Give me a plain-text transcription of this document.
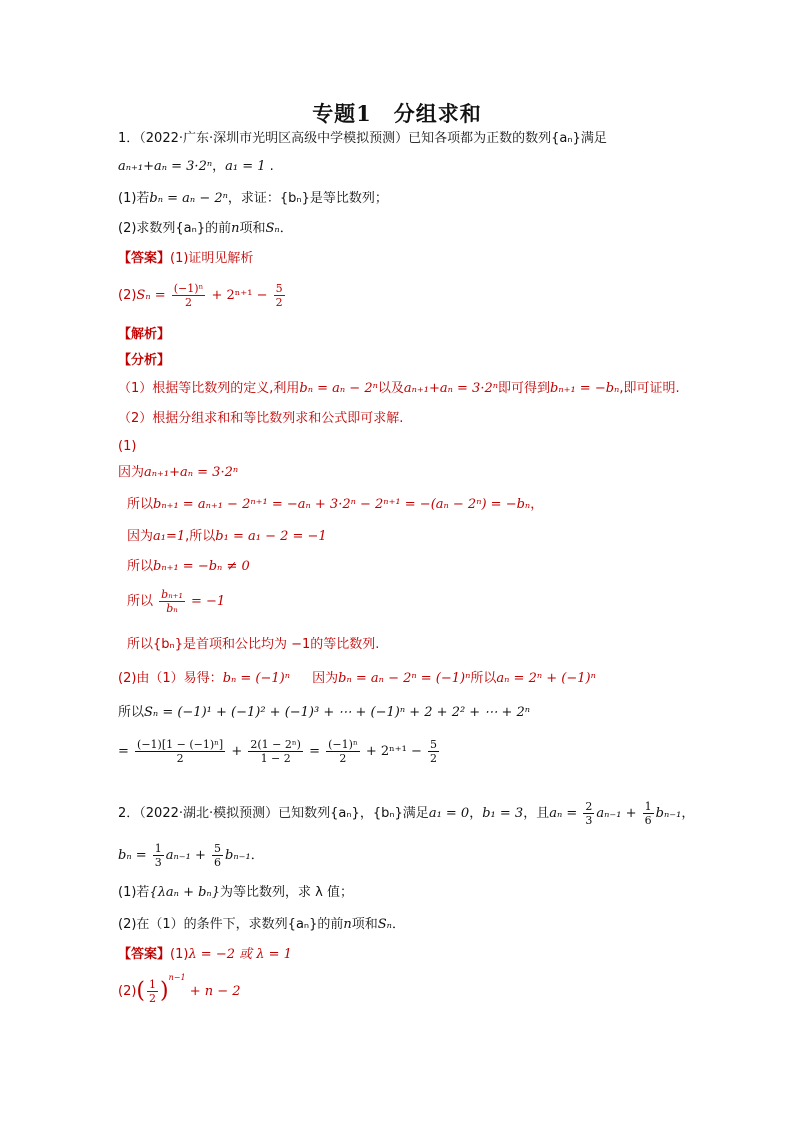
专题1　分组求和
1．（2022·广东·深圳市光明区高级中学模拟预测）已知各项都为正数的数列{aₙ}满足
aₙ₊₁+aₙ = 3·2ⁿ，a₁ = 1 .
(1)若bₙ = aₙ − 2ⁿ，求证：{bₙ}是等比数列；
(2)求数列{aₙ}的前n项和Sₙ．
【答案】(1)证明见解析
$(2)S_n = \frac{\text{(−1)ⁿ}}{2} + 2^{n+1} - \frac{5}{2}$
【解析】
【分析】
（1）根据等比数列的定义,利用bₙ = aₙ − 2ⁿ以及aₙ₊₁+aₙ = 3·2ⁿ即可得到bₙ₊₁ = −bₙ,即可证明.
（2）根据分组求和和等比数列求和公式即可求解.
(1)
因为aₙ₊₁+aₙ = 3·2ⁿ
所以bₙ₊₁ = aₙ₊₁ − 2ⁿ⁺¹ = −aₙ + 3·2ⁿ − 2ⁿ⁺¹ = −(aₙ − 2ⁿ) = −bₙ，
因为a₁=1,所以b₁ = a₁ − 2 = −1
所以bₙ₊₁ = −bₙ ≠ 0
所以 $\frac{\text{bₙ₊₁}}{\text{bₙ}} = -1$
所以{bₙ}是首项和公比均为 −1的等比数列.
(2)由（1）易得：bₙ = (−1)ⁿ 因为bₙ = aₙ − 2ⁿ = (−1)ⁿ所以aₙ = 2ⁿ + (−1)ⁿ
所以Sₙ = (−1)¹ + (−1)² + (−1)³ + ⋯ + (−1)ⁿ + 2 + 2² + ⋯ + 2ⁿ
= $\frac{\text{(−1)[1 − (−1)ⁿ]}}{2} + \frac{\text{2(1 − 2ⁿ)}}{1 - 2} = \frac{\text{(−1)ⁿ}}{2} + 2^{n+1} - \frac{5}{2}$
2．（2022·湖北·模拟预测）已知数列{aₙ}，{bₙ}满足a₁ = 0，b₁ = 3，且$a_n = \frac{2}{3} a_{n-1} + \frac{1}{6} b_{n-1}$，
$b_n = \frac{1}{3} a_{n-1} + \frac{5}{6} b_{n-1}$．
(1)若{λaₙ + bₙ}为等比数列，求 λ 值；
(2)在（1）的条件下，求数列{aₙ}的前n项和Sₙ．
【答案】(1)λ = −2 或 λ = 1
$(2)( \frac{1}{2} )^{n-1} + n - 2$
